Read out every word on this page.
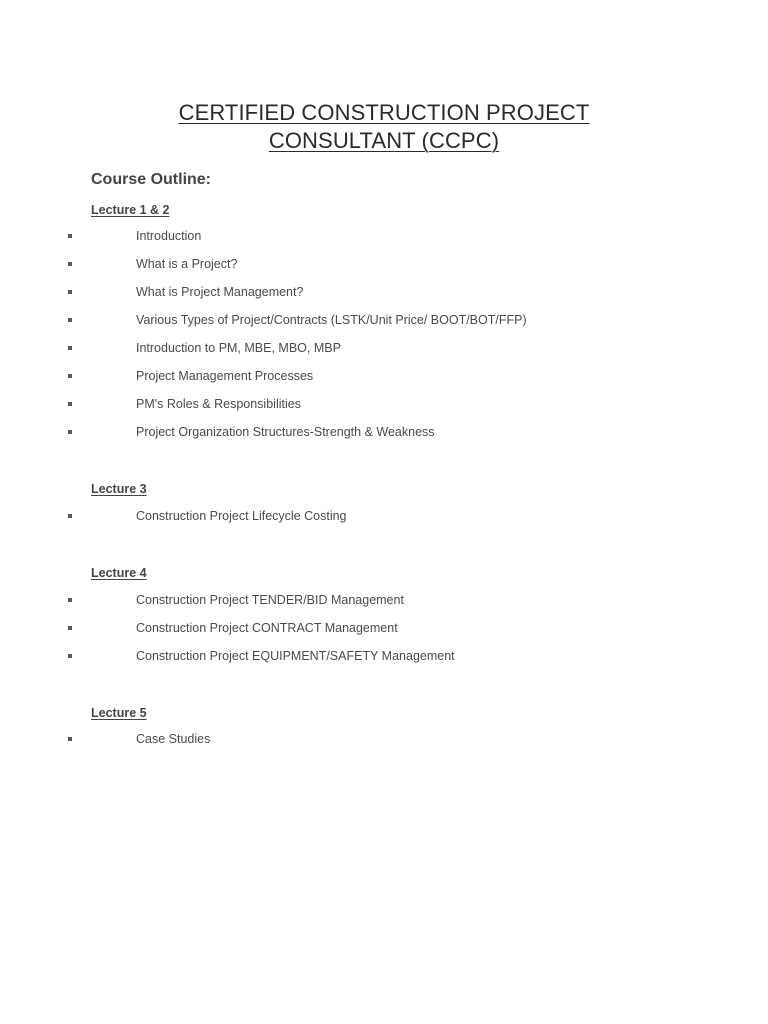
CERTIFIED CONSTRUCTION PROJECT
CONSULTANT (CCPC)
Course Outline:
Lecture 1 & 2
Introduction
What is a Project?
What is Project Management?
Various Types of Project/Contracts (LSTK/Unit Price/ BOOT/BOT/FFP)
Introduction to PM, MBE, MBO, MBP
Project Management Processes
PM's Roles & Responsibilities
Project Organization Structures-Strength & Weakness
Lecture 3
Construction Project Lifecycle Costing
Lecture 4
Construction Project TENDER/BID Management
Construction Project CONTRACT Management
Construction Project EQUIPMENT/SAFETY Management
Lecture 5
Case Studies
